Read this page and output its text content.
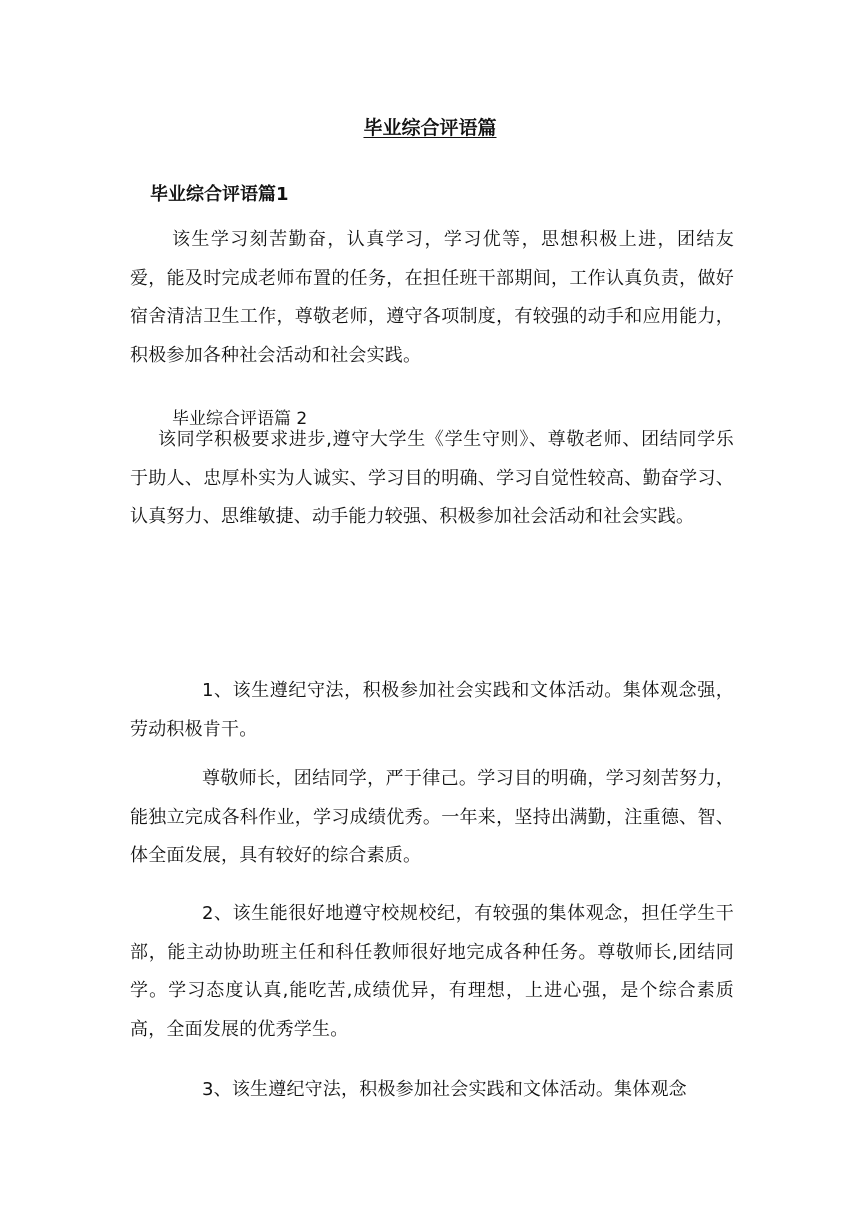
毕业综合评语篇
毕业综合评语篇1
该生学习刻苦勤奋，认真学习，学习优等，思想积极上进，团结友爱，能及时完成老师布置的任务，在担任班干部期间，工作认真负责，做好宿舍清洁卫生工作，尊敬老师，遵守各项制度，有较强的动手和应用能力，积极参加各种社会活动和社会实践。
毕业综合评语篇 2
该同学积极要求进步,遵守大学生《学生守则》、尊敬老师、团结同学乐于助人、忠厚朴实为人诚实、学习目的明确、学习自觉性较高、勤奋学习、认真努力、思维敏捷、动手能力较强、积极参加社会活动和社会实践。
1、该生遵纪守法，积极参加社会实践和文体活动。集体观念强，劳动积极肯干。
尊敬师长，团结同学，严于律己。学习目的明确，学习刻苦努力，能独立完成各科作业，学习成绩优秀。一年来，坚持出满勤，注重德、智、体全面发展，具有较好的综合素质。
2、该生能很好地遵守校规校纪，有较强的集体观念，担任学生干部，能主动协助班主任和科任教师很好地完成各种任务。尊敬师长,团结同学。学习态度认真,能吃苦,成绩优异，有理想，上进心强，是个综合素质高，全面发展的优秀学生。
3、该生遵纪守法，积极参加社会实践和文体活动。集体观念
